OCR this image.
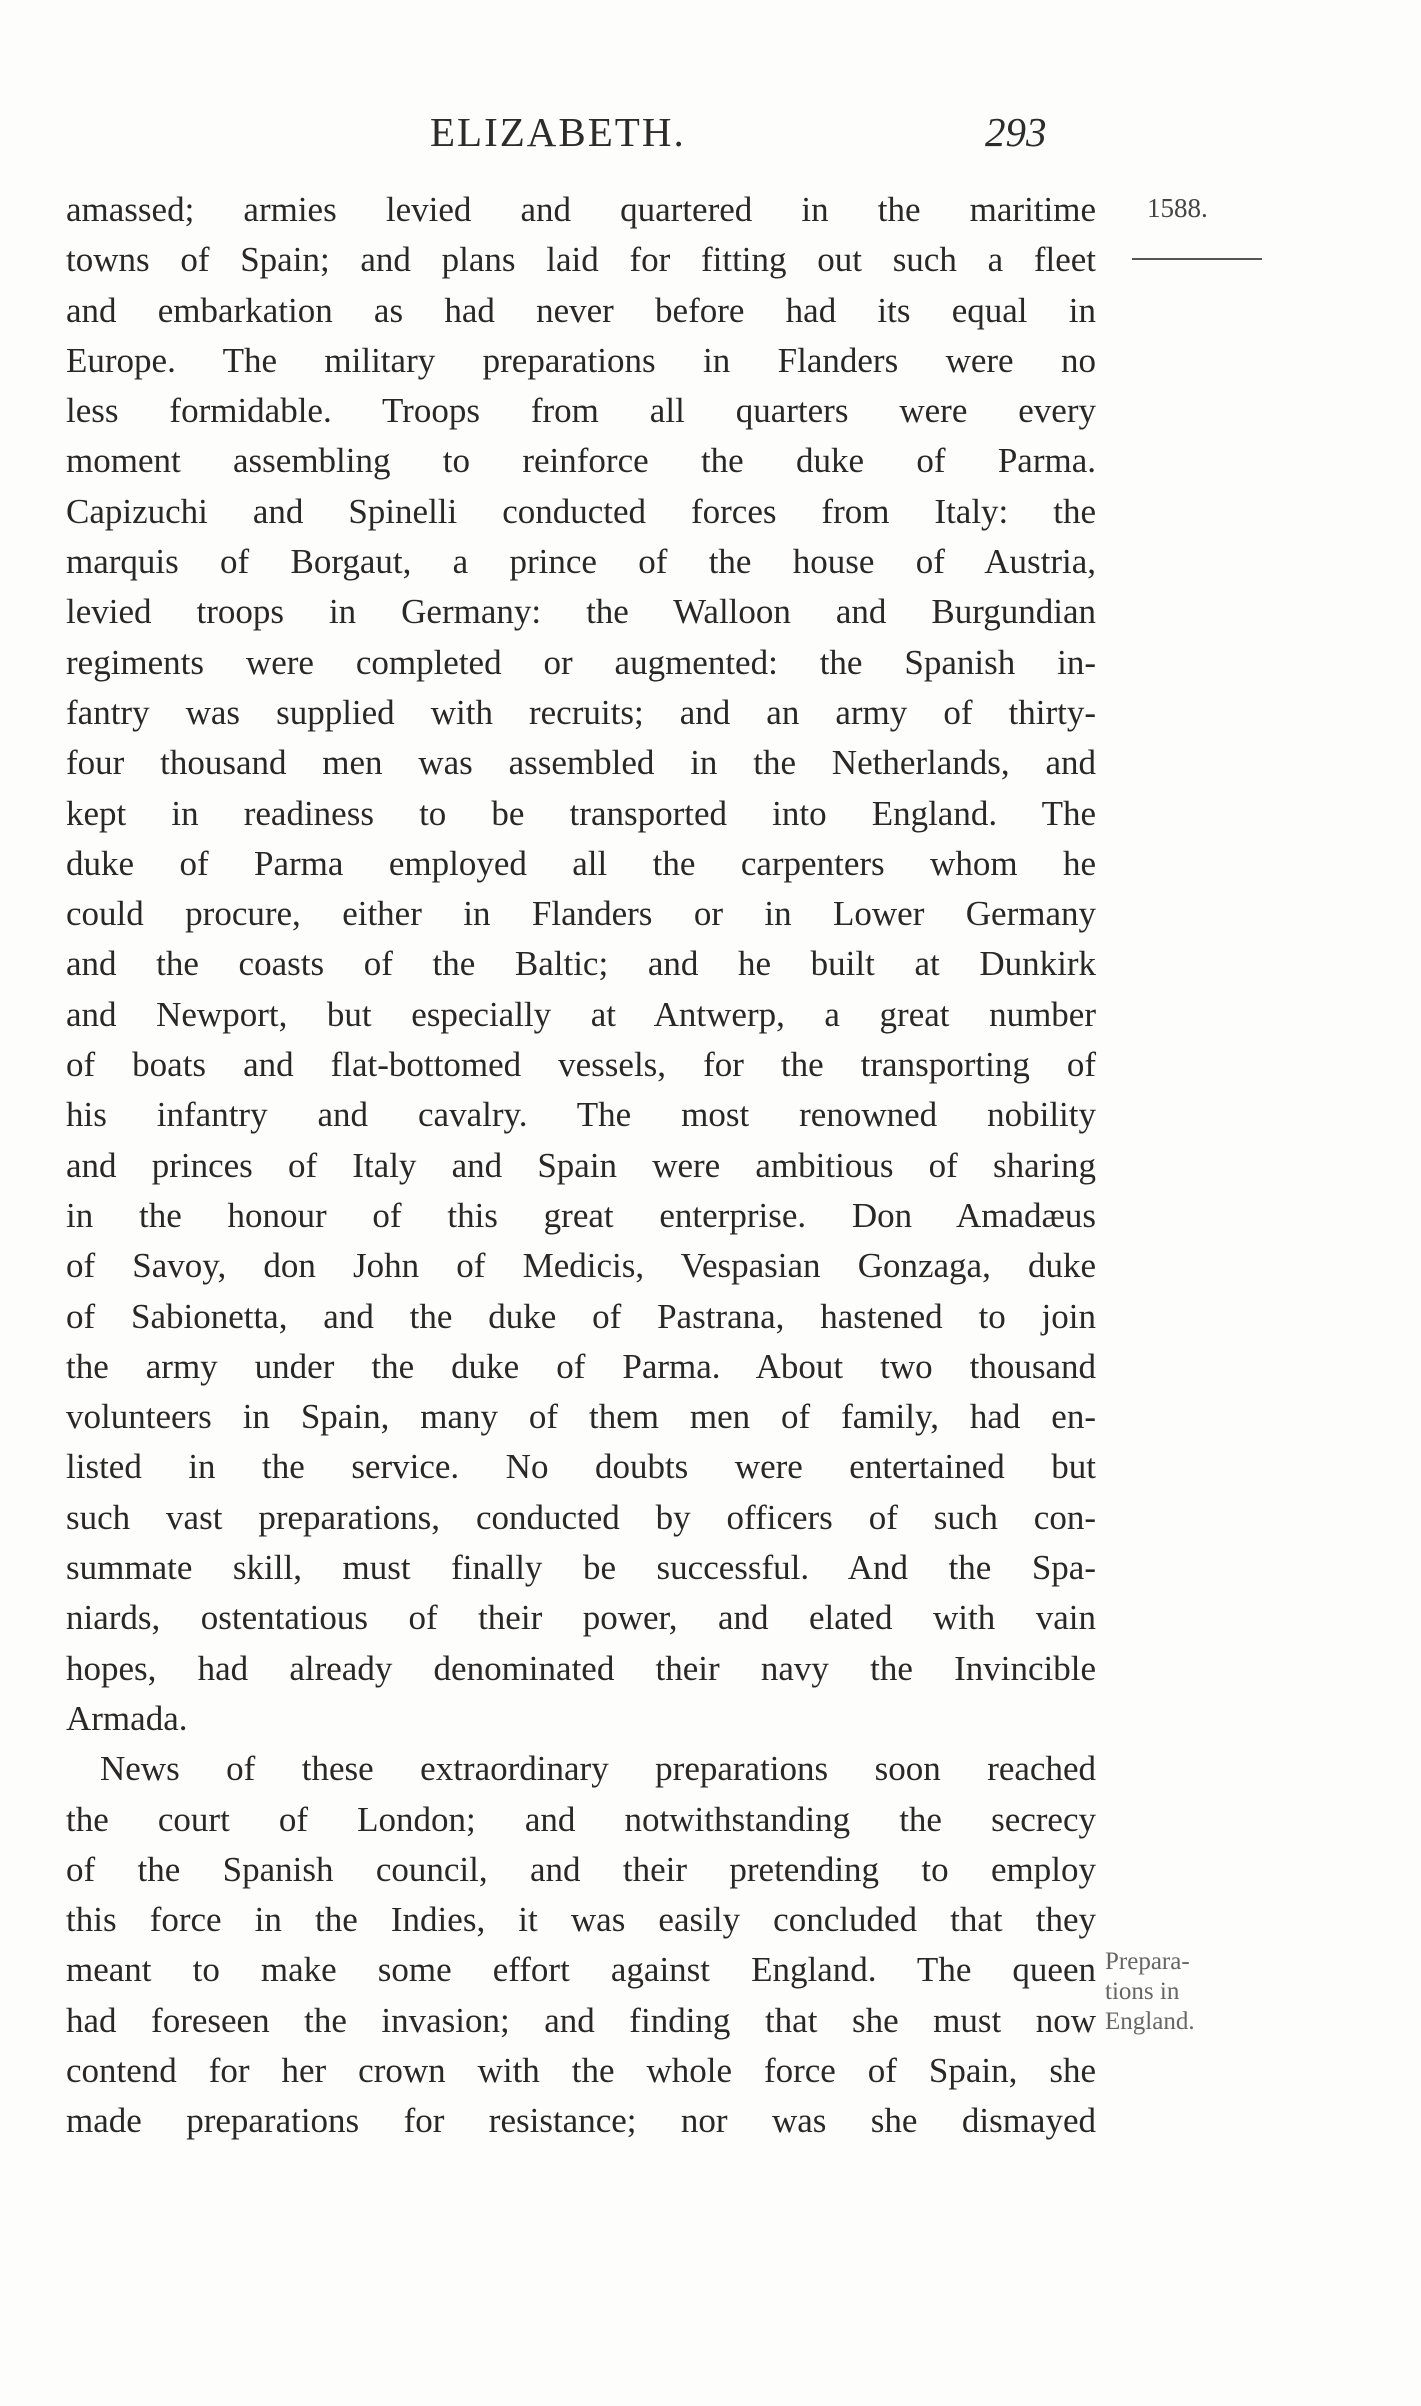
ELIZABETH.	293
1588.
Prepara-
tions in
England.
amassed; armies levied and quartered in the maritime
towns of Spain; and plans laid for fitting out such a fleet
and embarkation as had never before had its equal in
Europe. The military preparations in Flanders were no
less formidable. Troops from all quarters were every
moment assembling to reinforce the duke of Parma.
Capizuchi and Spinelli conducted forces from Italy: the
marquis of Borgaut, a prince of the house of Austria,
levied troops in Germany: the Walloon and Burgundian
regiments were completed or augmented: the Spanish in-
fantry was supplied with recruits; and an army of thirty-
four thousand men was assembled in the Netherlands, and
kept in readiness to be transported into England. The
duke of Parma employed all the carpenters whom he
could procure, either in Flanders or in Lower Germany
and the coasts of the Baltic; and he built at Dunkirk
and Newport, but especially at Antwerp, a great number
of boats and flat-bottomed vessels, for the transporting of
his infantry and cavalry. The most renowned nobility
and princes of Italy and Spain were ambitious of sharing
in the honour of this great enterprise. Don Amadæus
of Savoy, don John of Medicis, Vespasian Gonzaga, duke
of Sabionetta, and the duke of Pastrana, hastened to join
the army under the duke of Parma. About two thousand
volunteers in Spain, many of them men of family, had en-
listed in the service. No doubts were entertained but
such vast preparations, conducted by officers of such con-
summate skill, must finally be successful. And the Spa-
niards, ostentatious of their power, and elated with vain
hopes, had already denominated their navy the Invincible
Armada.
News of these extraordinary preparations soon reached
the court of London; and notwithstanding the secrecy
of the Spanish council, and their pretending to employ
this force in the Indies, it was easily concluded that they
meant to make some effort against England. The queen
had foreseen the invasion; and finding that she must now
contend for her crown with the whole force of Spain, she
made preparations for resistance; nor was she dismayed
